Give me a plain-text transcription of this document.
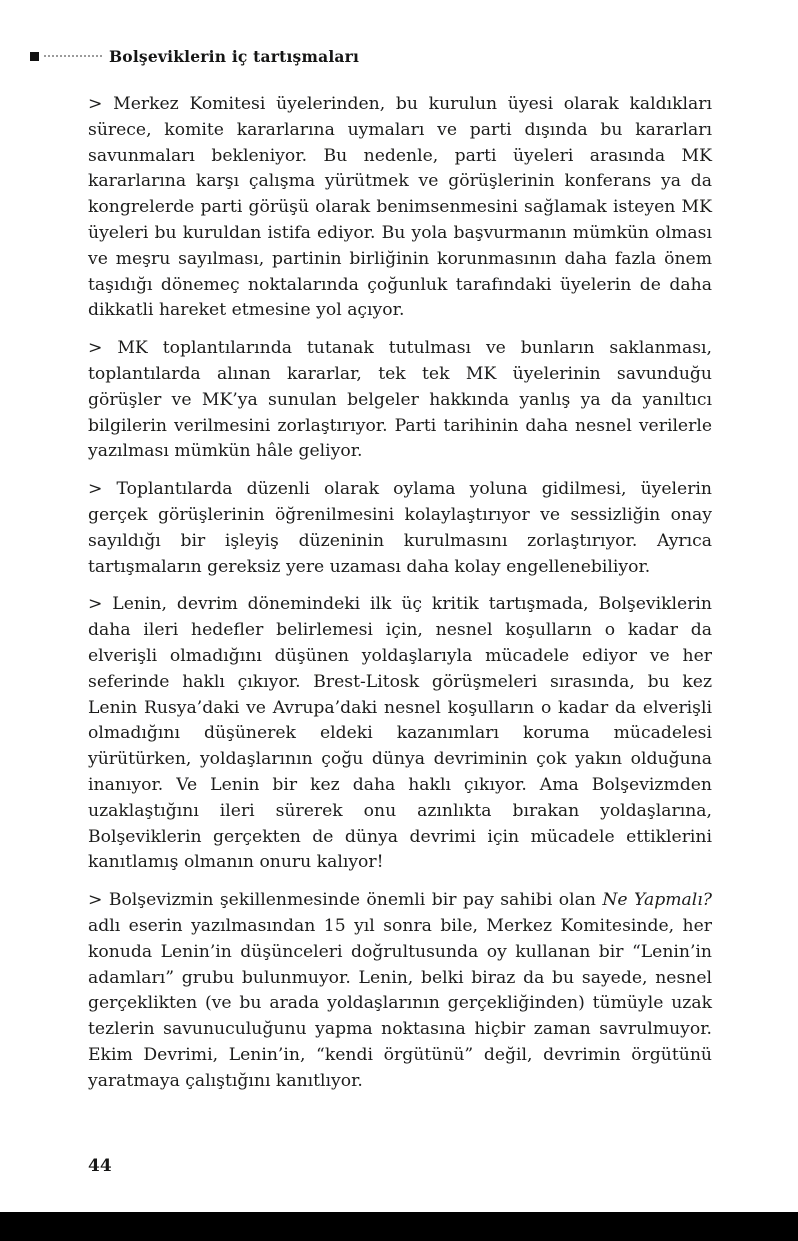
Bolşeviklerin iç tartışmaları

> Merkez Komitesi üyelerinden, bu kurulun üyesi olarak kaldıkları sürece, komite kararlarına uymaları ve parti dışında bu kararları savunmaları bekleniyor. Bu nedenle, parti üyeleri arasında MK kararlarına karşı çalışma yürütmek ve görüşlerinin konferans ya da kongrelerde parti görüşü olarak benimsenmesini sağlamak isteyen MK üyeleri bu kuruldan istifa ediyor. Bu yola başvurmanın mümkün olması ve meşru sayılması, partinin birliğinin korunmasının daha fazla önem taşıdığı dönemeç noktalarında çoğunluk tarafındaki üyelerin de daha dikkatli hareket etmesine yol açıyor.

> MK toplantılarında tutanak tutulması ve bunların saklanması, toplantılarda alınan kararlar, tek tek MK üyelerinin savunduğu görüşler ve MK’ya sunulan belgeler hakkında yanlış ya da yanıltıcı bilgilerin verilmesini zorlaştırıyor. Parti tarihinin daha nesnel verilerle yazılması mümkün hâle geliyor.

> Toplantılarda düzenli olarak oylama yoluna gidilmesi, üyelerin gerçek görüşlerinin öğrenilmesini kolaylaştırıyor ve sessizliğin onay sayıldığı bir işleyiş düzeninin kurulmasını zorlaştırıyor. Ayrıca tartışmaların gereksiz yere uzaması daha kolay engellenebiliyor.

> Lenin, devrim dönemindeki ilk üç kritik tartışmada, Bolşeviklerin daha ileri hedefler belirlemesi için, nesnel koşulların o kadar da elverişli olmadığını düşünen yoldaşlarıyla mücadele ediyor ve her seferinde haklı çıkıyor. Brest-Litosk görüşmeleri sırasında, bu kez Lenin Rusya’daki ve Avrupa’daki nesnel koşulların o kadar da elverişli olmadığını düşünerek eldeki kazanımları koruma mücadelesi yürütürken, yoldaşlarının çoğu dünya devriminin çok yakın olduğuna inanıyor. Ve Lenin bir kez daha haklı çıkıyor. Ama Bolşevizmden uzaklaştığını ileri sürerek onu azınlıkta bırakan yoldaşlarına, Bolşeviklerin gerçekten de dünya devrimi için mücadele ettiklerini kanıtlamış olmanın onuru kalıyor!

> Bolşevizmin şekillenmesinde önemli bir pay sahibi olan Ne Yapmalı? adlı eserin yazılmasından 15 yıl sonra bile, Merkez Komitesinde, her konuda Lenin’in düşünceleri doğrultusunda oy kullanan bir “Lenin’in adamları” grubu bulunmuyor. Lenin, belki biraz da bu sayede, nesnel gerçeklikten (ve bu arada yoldaşlarının gerçekliğinden) tümüyle uzak tezlerin savunuculuğunu yapma noktasına hiçbir zaman savrulmuyor. Ekim Devrimi, Lenin’in, “kendi örgütünü” değil, devrimin örgütünü yaratmaya çalıştığını kanıtlıyor.

44
